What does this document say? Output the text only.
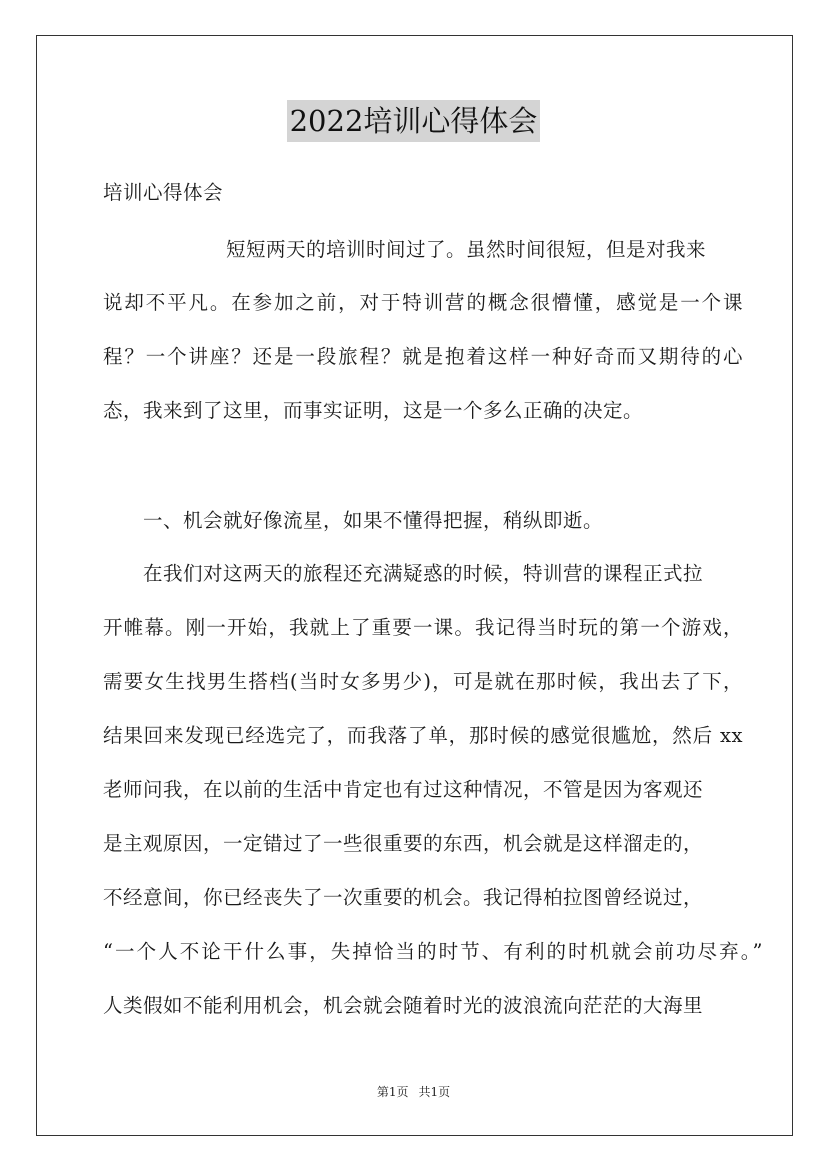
2022培训心得体会
培训心得体会
短短两天的培训时间过了。虽然时间很短，但是对我来
说却不平凡。在参加之前，对于特训营的概念很懵懂，感觉是一个课
程？一个讲座？还是一段旅程？就是抱着这样一种好奇而又期待的心
态，我来到了这里，而事实证明，这是一个多么正确的决定。
一、机会就好像流星，如果不懂得把握，稍纵即逝。
在我们对这两天的旅程还充满疑惑的时候，特训营的课程正式拉
开帷幕。刚一开始，我就上了重要一课。我记得当时玩的第一个游戏，
需要女生找男生搭档(当时女多男少)，可是就在那时候，我出去了下，
结果回来发现已经选完了，而我落了单，那时候的感觉很尴尬，然后 xx
老师问我，在以前的生活中肯定也有过这种情况，不管是因为客观还
是主观原因，一定错过了一些很重要的东西，机会就是这样溜走的，
不经意间，你已经丧失了一次重要的机会。我记得柏拉图曾经说过，
“一个人不论干什么事，失掉恰当的时节、有利的时机就会前功尽弃。”
人类假如不能利用机会，机会就会随着时光的波浪流向茫茫的大海里
第1页 共1页
